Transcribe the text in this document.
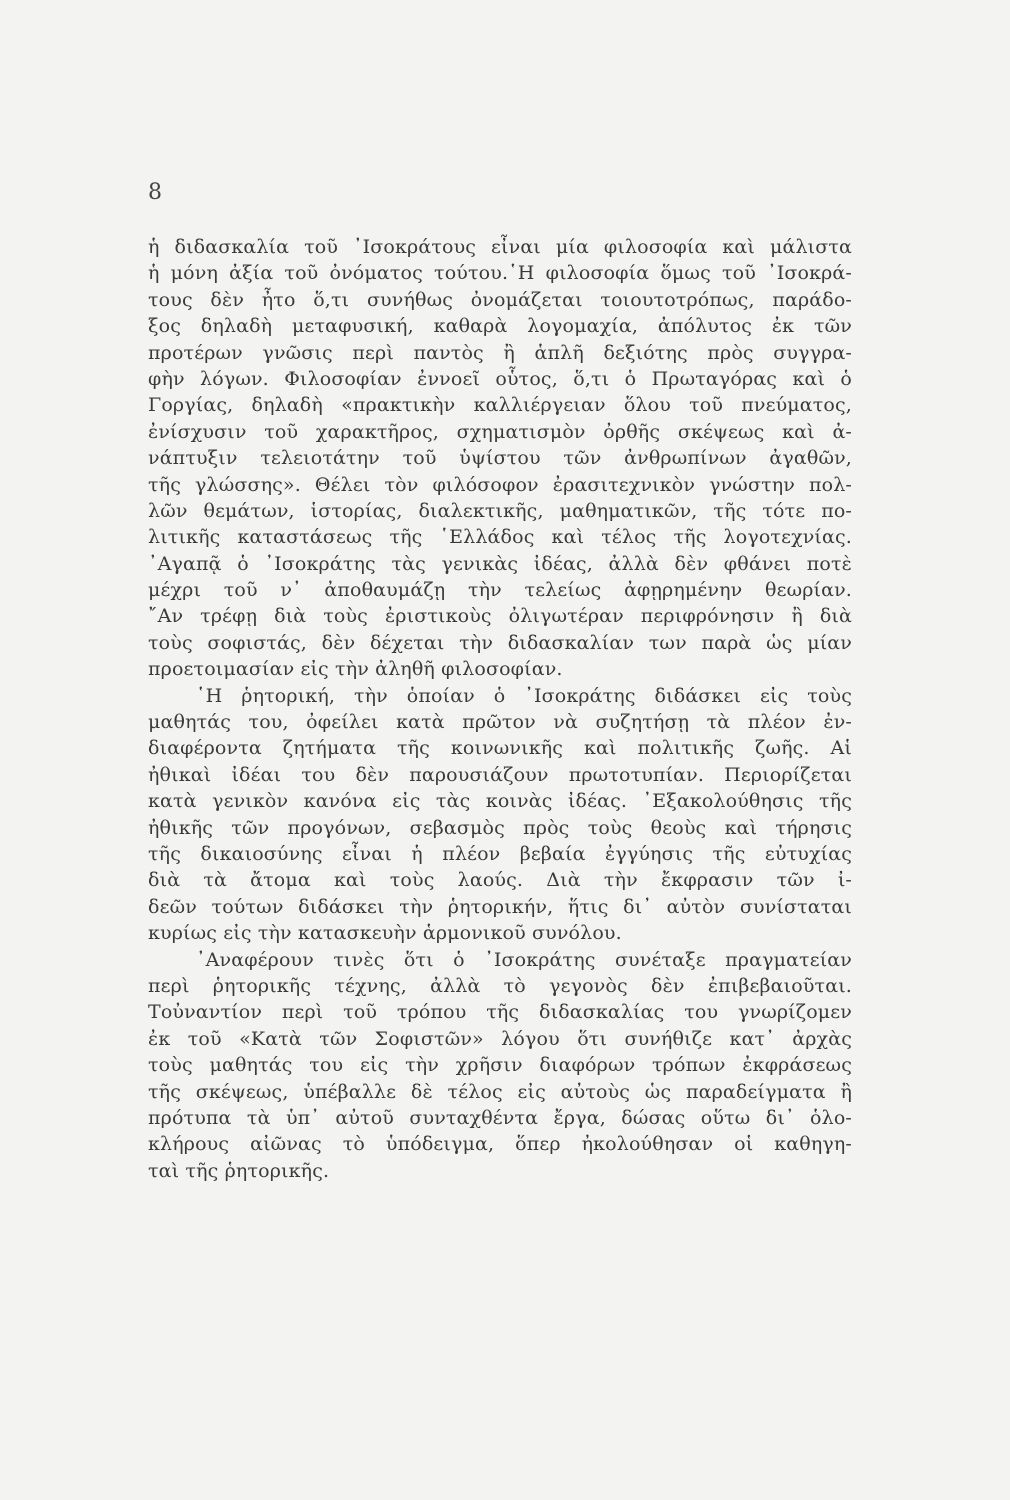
8
ἡ διδασκαλία τοῦ ᾿Ισοκράτους εἶναι μία φιλοσοφία καὶ μάλιστα
ἡ μόνη ἀξία τοῦ ὀνόματος τούτου.῾Η φιλοσοφία ὅμως τοῦ ᾿Ισοκρά-
τους δὲν ἦτο ὅ,τι συνήθως ὀνομάζεται τοιουτοτρόπως, παράδο-
ξος δηλαδὴ μεταφυσική, καθαρὰ λογομαχία, ἀπόλυτος ἐκ τῶν
προτέρων γνῶσις περὶ παντὸς ἢ ἁπλῆ δεξιότης πρὸς συγγρα-
φὴν λόγων. Φιλοσοφίαν ἐννοεῖ οὗτος, ὅ,τι ὁ Πρωταγόρας καὶ ὁ
Γοργίας, δηλαδὴ «πρακτικὴν καλλιέργειαν ὅλου τοῦ πνεύματος,
ἐνίσχυσιν τοῦ χαρακτῆρος, σχηματισμὸν ὀρθῆς σκέψεως καὶ ἀ-
νάπτυξιν τελειοτάτην τοῦ ὑψίστου τῶν ἀνθρωπίνων ἀγαθῶν,
τῆς γλώσσης». Θέλει τὸν φιλόσοφον ἐρασιτεχνικὸν γνώστην πολ-
λῶν θεμάτων, ἱστορίας, διαλεκτικῆς, μαθηματικῶν, τῆς τότε πο-
λιτικῆς καταστάσεως τῆς ῾Ελλάδος καὶ τέλος τῆς λογοτεχνίας.
᾿Αγαπᾷ ὁ ᾿Ισοκράτης τὰς γενικὰς ἰδέας, ἀλλὰ δὲν φθάνει ποτὲ
μέχρι τοῦ ν᾿ ἀποθαυμάζῃ τὴν τελείως ἀφῃρημένην θεωρίαν.
῎Αν τρέφῃ διὰ τοὺς ἐριστικοὺς ὀλιγωτέραν περιφρόνησιν ἢ διὰ
τοὺς σοφιστάς, δὲν δέχεται τὴν διδασκαλίαν των παρὰ ὡς μίαν
προετοιμασίαν εἰς τὴν ἀληθῆ φιλοσοφίαν.
῾Η ῥητορική, τὴν ὁποίαν ὁ ᾿Ισοκράτης διδάσκει εἰς τοὺς
μαθητάς του, ὀφείλει κατὰ πρῶτον νὰ συζητήσῃ τὰ πλέον ἐν-
διαφέροντα ζητήματα τῆς κοινωνικῆς καὶ πολιτικῆς ζωῆς. Αἱ
ἠθικαὶ ἰδέαι του δὲν παρουσιάζουν πρωτοτυπίαν. Περιορίζεται
κατὰ γενικὸν κανόνα εἰς τὰς κοινὰς ἰδέας. ᾿Εξακολούθησις τῆς
ἠθικῆς τῶν προγόνων, σεβασμὸς πρὸς τοὺς θεοὺς καὶ τήρησις
τῆς δικαιοσύνης εἶναι ἡ πλέον βεβαία ἐγγύησις τῆς εὐτυχίας
διὰ τὰ ἄτομα καὶ τοὺς λαούς. Διὰ τὴν ἔκφρασιν τῶν ἰ-
δεῶν τούτων διδάσκει τὴν ῥητορικήν, ἥτις δι᾿ αὐτὸν συνίσταται
κυρίως εἰς τὴν κατασκευὴν ἁρμονικοῦ συνόλου.
᾿Αναφέρουν τινὲς ὅτι ὁ ᾿Ισοκράτης συνέταξε πραγματείαν
περὶ ῥητορικῆς τέχνης, ἀλλὰ τὸ γεγονὸς δὲν ἐπιβεβαιοῦται.
Τοὐναντίον περὶ τοῦ τρόπου τῆς διδασκαλίας του γνωρίζομεν
ἐκ τοῦ «Κατὰ τῶν Σοφιστῶν» λόγου ὅτι συνήθιζε κατ᾿ ἀρχὰς
τοὺς μαθητάς του εἰς τὴν χρῆσιν διαφόρων τρόπων ἐκφράσεως
τῆς σκέψεως, ὑπέβαλλε δὲ τέλος εἰς αὐτοὺς ὡς παραδείγματα ἢ
πρότυπα τὰ ὑπ᾿ αὐτοῦ συνταχθέντα ἔργα, δώσας οὕτω δι᾿ ὁλο-
κλήρους αἰῶνας τὸ ὑπόδειγμα, ὅπερ ἠκολούθησαν οἱ καθηγη-
ταὶ τῆς ῥητορικῆς.
